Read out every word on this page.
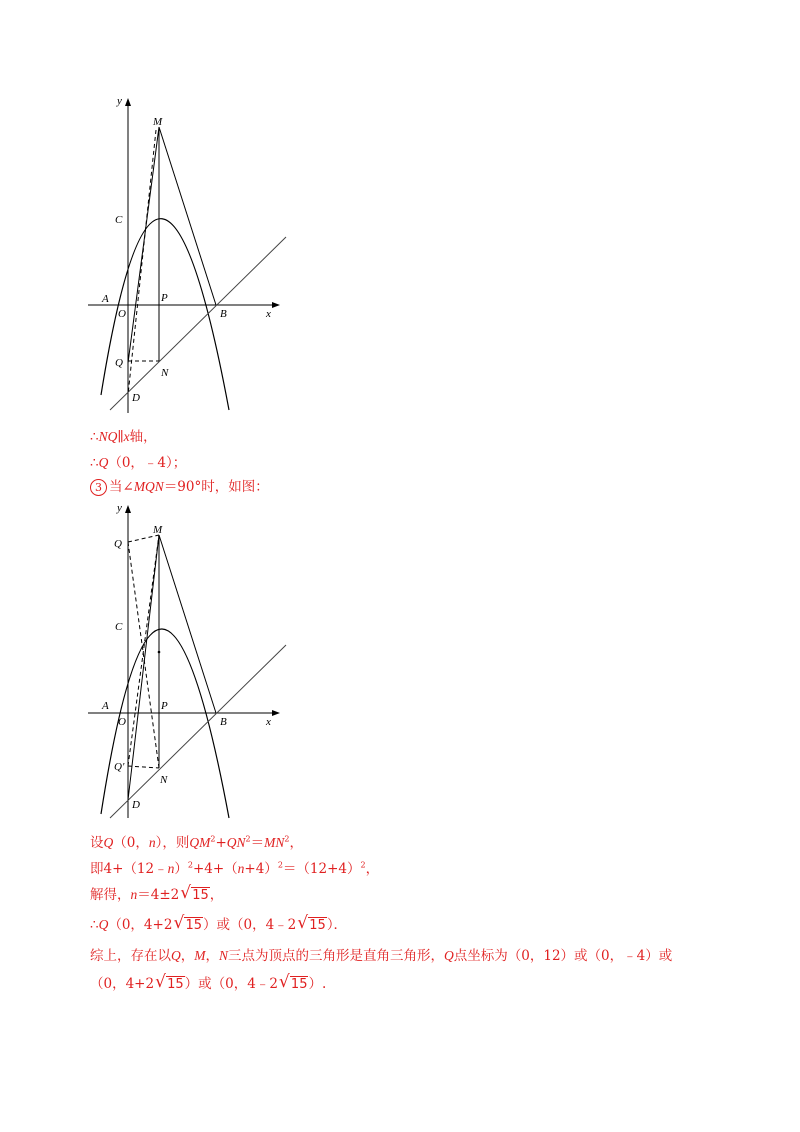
y
x
M
C
A
O
P
B
Q
N
D
∴NQ∥x轴，
∴Q（0，﹣4）；
3 当∠MQN＝90°时，如图：
y
x
M
Q
C
A
O
P
B
Q'
N
D
设Q（0，n），则$QM^2+QN^2=MN^2$，
即$4+(12﹣n)^2+4+(n+4)^2=(12+4)^2$，
解得，n＝4±2 √ 15，
∴Q（0，4+2 √ 15）或（0，4﹣2 √ 15）．
综上，存在以Q，M，N三点为顶点的三角形是直角三角形，Q点坐标为（0，12）或（0，﹣4）或
（0，4+2 √ 15）或（0，4﹣2 √ 15）.
